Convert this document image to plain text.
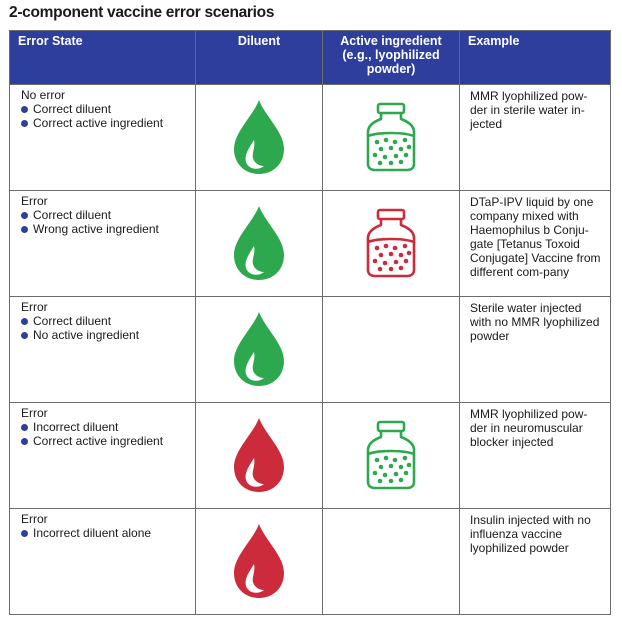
2-component vaccine error scenarios
Error State	Diluent	Active ingredient (e.g., lyophilized powder)	Example

No error
Correct diluent
Correct active ingredient			MMR lyophilized pow-der in sterile water in-jected

Error
Correct diluent
Wrong active ingredient			DTaP-IPV liquid by one company mixed with Haemophilus b Conju-gate [Tetanus Toxoid Conjugate] Vaccine from different com-pany

Error
Correct diluent
No active ingredient			Sterile water injected with no MMR lyophilized powder

Error
Incorrect diluent
Correct active ingredient			MMR lyophilized pow-der in neuromuscular blocker injected

Error
Incorrect diluent alone			Insulin injected with no influenza vaccine lyophilized powder
